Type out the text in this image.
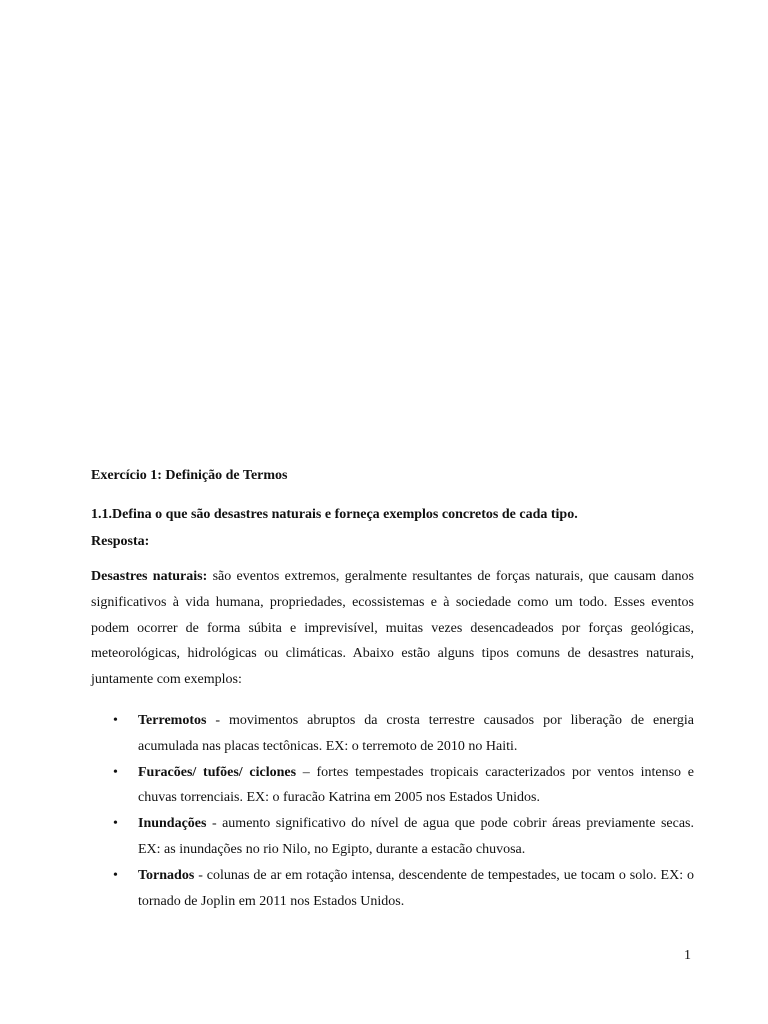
Exercício 1: Definição de Termos
1.1.Defina o que são desastres naturais e forneça exemplos concretos de cada tipo.
Resposta:

Desastres naturais: são eventos extremos, geralmente resultantes de forças naturais, que causam danos significativos à vida humana, propriedades, ecossistemas e à sociedade como um todo. Esses eventos podem ocorrer de forma súbita e imprevisível, muitas vezes desencadeados por forças geológicas, meteorológicas, hidrológicas ou climáticas. Abaixo estão alguns tipos comuns de desastres naturais, juntamente com exemplos:

• Terremotos - movimentos abruptos da crosta terrestre causados por liberação de energia acumulada nas placas tectônicas. EX: o terremoto de 2010 no Haiti.
• Furacões/ tufões/ ciclones – fortes tempestades tropicais caracterizados por ventos intenso e chuvas torrenciais. EX: o furacão Katrina em 2005 nos Estados Unidos.
• Inundações - aumento significativo do nível de agua que pode cobrir áreas previamente secas. EX: as inundações no rio Nilo, no Egipto, durante a estacão chuvosa.
• Tornados - colunas de ar em rotação intensa, descendente de tempestades, ue tocam o solo. EX: o tornado de Joplin em 2011 nos Estados Unidos.
1
